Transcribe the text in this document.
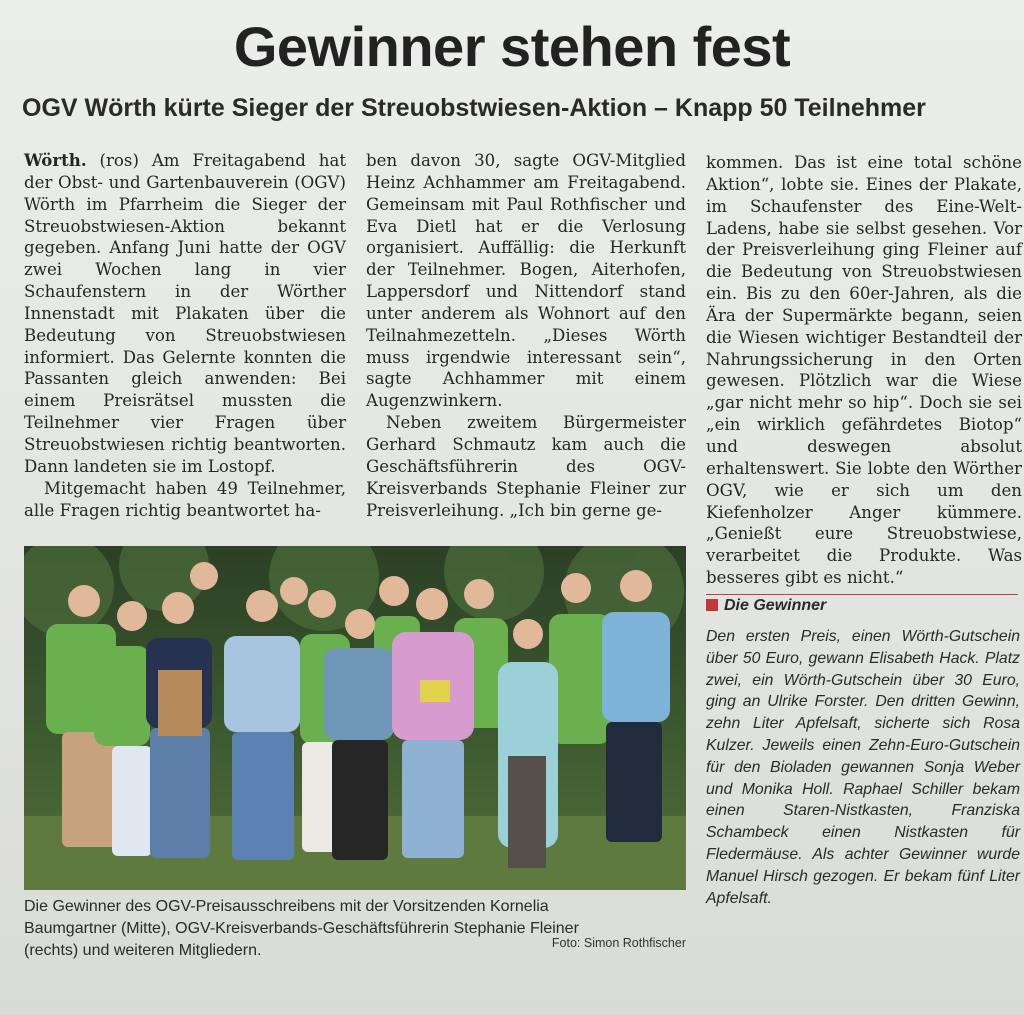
Gewinner stehen fest
OGV Wörth kürte Sieger der Streuobstwiesen-Aktion – Knapp 50 Teilnehmer

Wörth. (ros) Am Freitagabend hat der Obst- und Gartenbauverein (OGV) Wörth im Pfarrheim die Sieger der Streuobstwiesen-Aktion bekannt gegeben. Anfang Juni hatte der OGV zwei Wochen lang in vier Schaufenstern in der Wörther Innenstadt mit Plakaten über die Bedeutung von Streuobstwiesen informiert. Das Gelernte konnten die Passanten gleich anwenden: Bei einem Preisrätsel mussten die Teilnehmer vier Fragen über Streuobstwiesen richtig beantworten. Dann landeten sie im Lostopf.

Mitgemacht haben 49 Teilnehmer, alle Fragen richtig beantwortet ha-

ben davon 30, sagte OGV-Mitglied Heinz Achhammer am Freitagabend. Gemeinsam mit Paul Rothfischer und Eva Dietl hat er die Verlosung organisiert. Auffällig: die Herkunft der Teilnehmer. Bogen, Aiterhofen, Lappersdorf und Nittendorf stand unter anderem als Wohnort auf den Teilnahmezetteln. „Dieses Wörth muss irgendwie interessant sein“, sagte Achhammer mit einem Augenzwinkern.

Neben zweitem Bürgermeister Gerhard Schmautz kam auch die Geschäftsführerin des OGV-Kreisverbands Stephanie Fleiner zur Preisverleihung. „Ich bin gerne ge-

kommen. Das ist eine total schöne Aktion“, lobte sie. Eines der Plakate, im Schaufenster des Eine-Welt-Ladens, habe sie selbst gesehen. Vor der Preisverleihung ging Fleiner auf die Bedeutung von Streuobstwiesen ein. Bis zu den 60er-Jahren, als die Ära der Supermärkte begann, seien die Wiesen wichtiger Bestandteil der Nahrungssicherung in den Orten gewesen. Plötzlich war die Wiese „gar nicht mehr so hip“. Doch sie sei „ein wirklich gefährdetes Biotop“ und deswegen absolut erhaltenswert. Sie lobte den Wörther OGV, wie er sich um den Kiefenholzer Anger kümmere. „Genießt eure Streuobstwiese, verarbeitet die Produkte. Was besseres gibt es nicht.“

Die Gewinner des OGV-Preisausschreibens mit der Vorsitzenden Kornelia Baumgartner (Mitte), OGV-Kreisverbands-Geschäftsführerin Stephanie Fleiner (rechts) und weiteren Mitgliedern.	Foto: Simon Rothfischer
Die Gewinner
Den ersten Preis, einen Wörth-Gutschein über 50 Euro, gewann Elisabeth Hack. Platz zwei, ein Wörth-Gutschein über 30 Euro, ging an Ulrike Forster. Den dritten Gewinn, zehn Liter Apfelsaft, sicherte sich Rosa Kulzer. Jeweils einen Zehn-Euro-Gutschein für den Bioladen gewannen Sonja Weber und Monika Holl. Raphael Schiller bekam einen Staren-Nistkasten, Franziska Schambeck einen Nistkasten für Fledermäuse. Als achter Gewinner wurde Manuel Hirsch gezogen. Er bekam fünf Liter Apfelsaft.
